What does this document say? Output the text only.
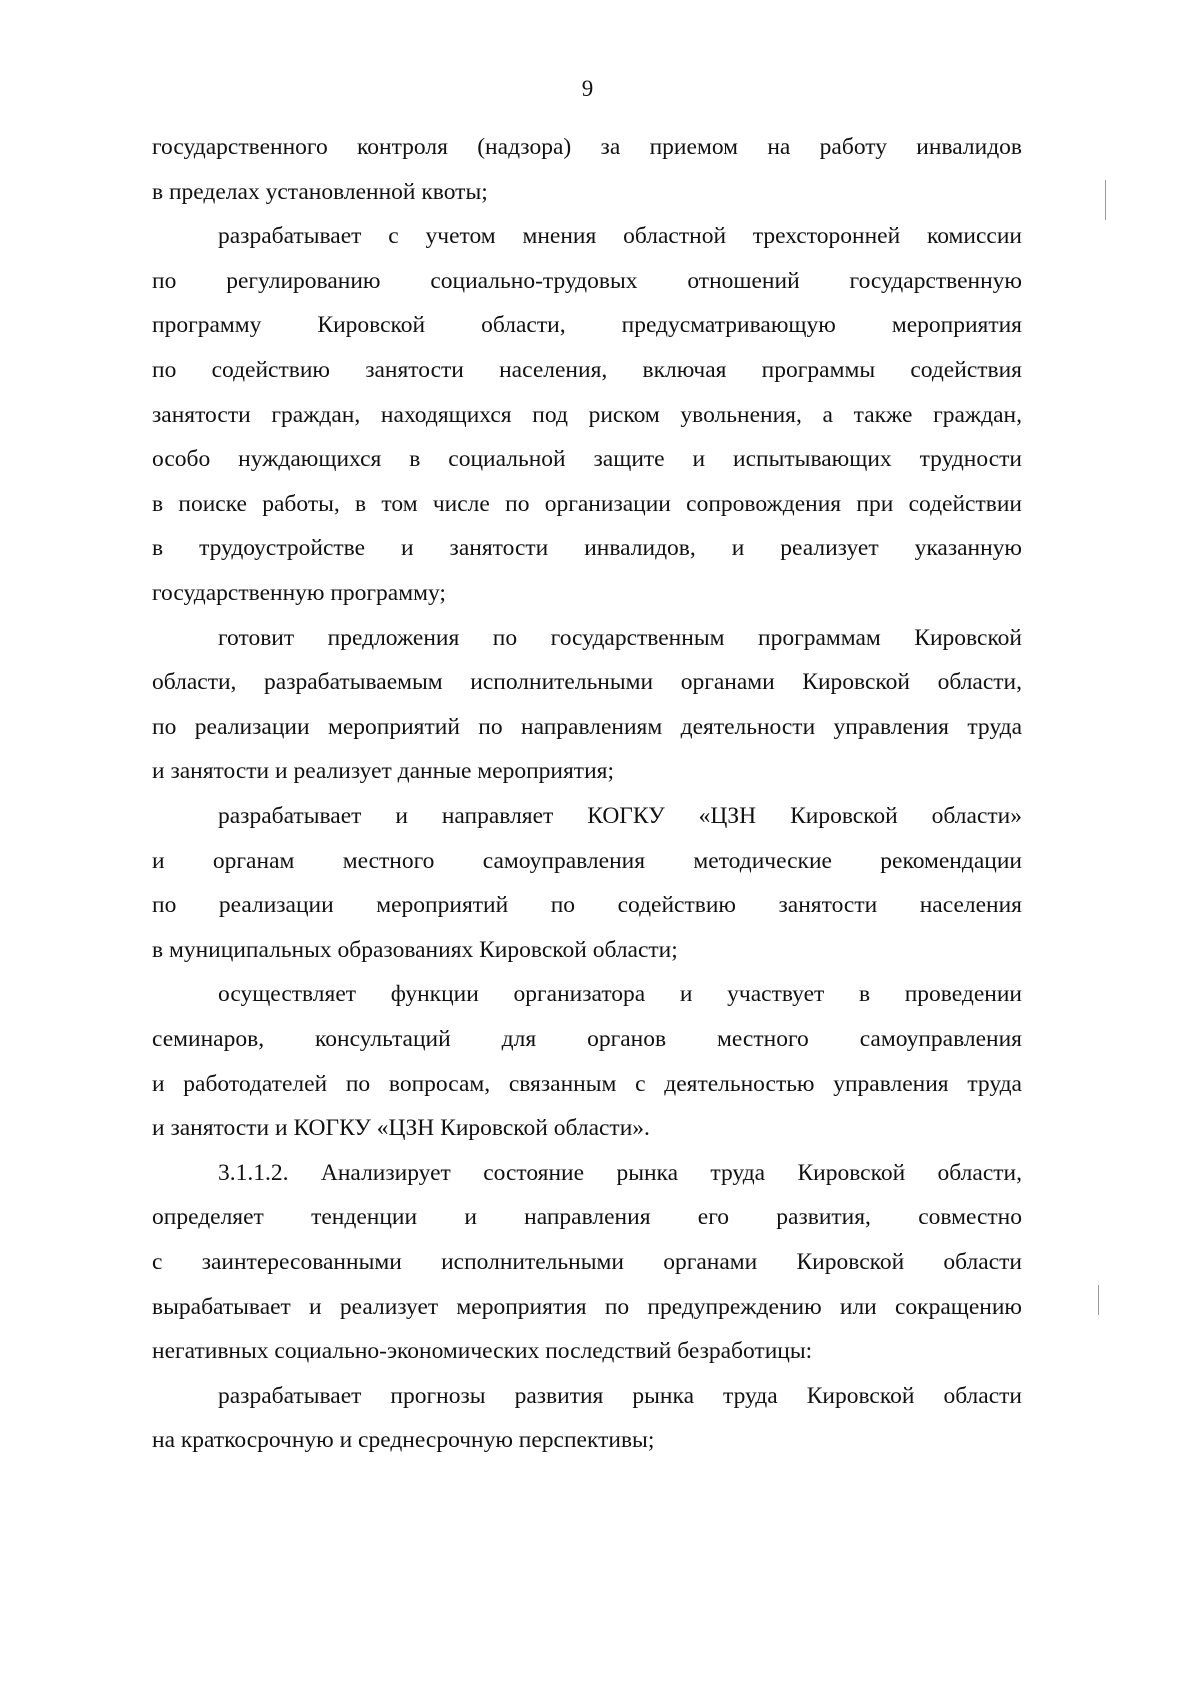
9
государственного контроля (надзора) за приемом на работу инвалидов
в пределах установленной квоты;
разрабатывает с учетом мнения областной трехсторонней комиссии
по регулированию социально-трудовых отношений государственную
программу Кировской области, предусматривающую мероприятия
по содействию занятости населения, включая программы содействия
занятости граждан, находящихся под риском увольнения, а также граждан,
особо нуждающихся в социальной защите и испытывающих трудности
в поиске работы, в том числе по организации сопровождения при содействии
в трудоустройстве и занятости инвалидов, и реализует указанную
государственную программу;
готовит предложения по государственным программам Кировской
области, разрабатываемым исполнительными органами Кировской области,
по реализации мероприятий по направлениям деятельности управления труда
и занятости и реализует данные мероприятия;
разрабатывает и направляет КОГКУ «ЦЗН Кировской области»
и органам местного самоуправления методические рекомендации
по реализации мероприятий по содействию занятости населения
в муниципальных образованиях Кировской области;
осуществляет функции организатора и участвует в проведении
семинаров, консультаций для органов местного самоуправления
и работодателей по вопросам, связанным с деятельностью управления труда
и занятости и КОГКУ «ЦЗН Кировской области».
3.1.1.2. Анализирует состояние рынка труда Кировской области,
определяет тенденции и направления его развития, совместно
с заинтересованными исполнительными органами Кировской области
вырабатывает и реализует мероприятия по предупреждению или сокращению
негативных социально-экономических последствий безработицы:
разрабатывает прогнозы развития рынка труда Кировской области
на краткосрочную и среднесрочную перспективы;
